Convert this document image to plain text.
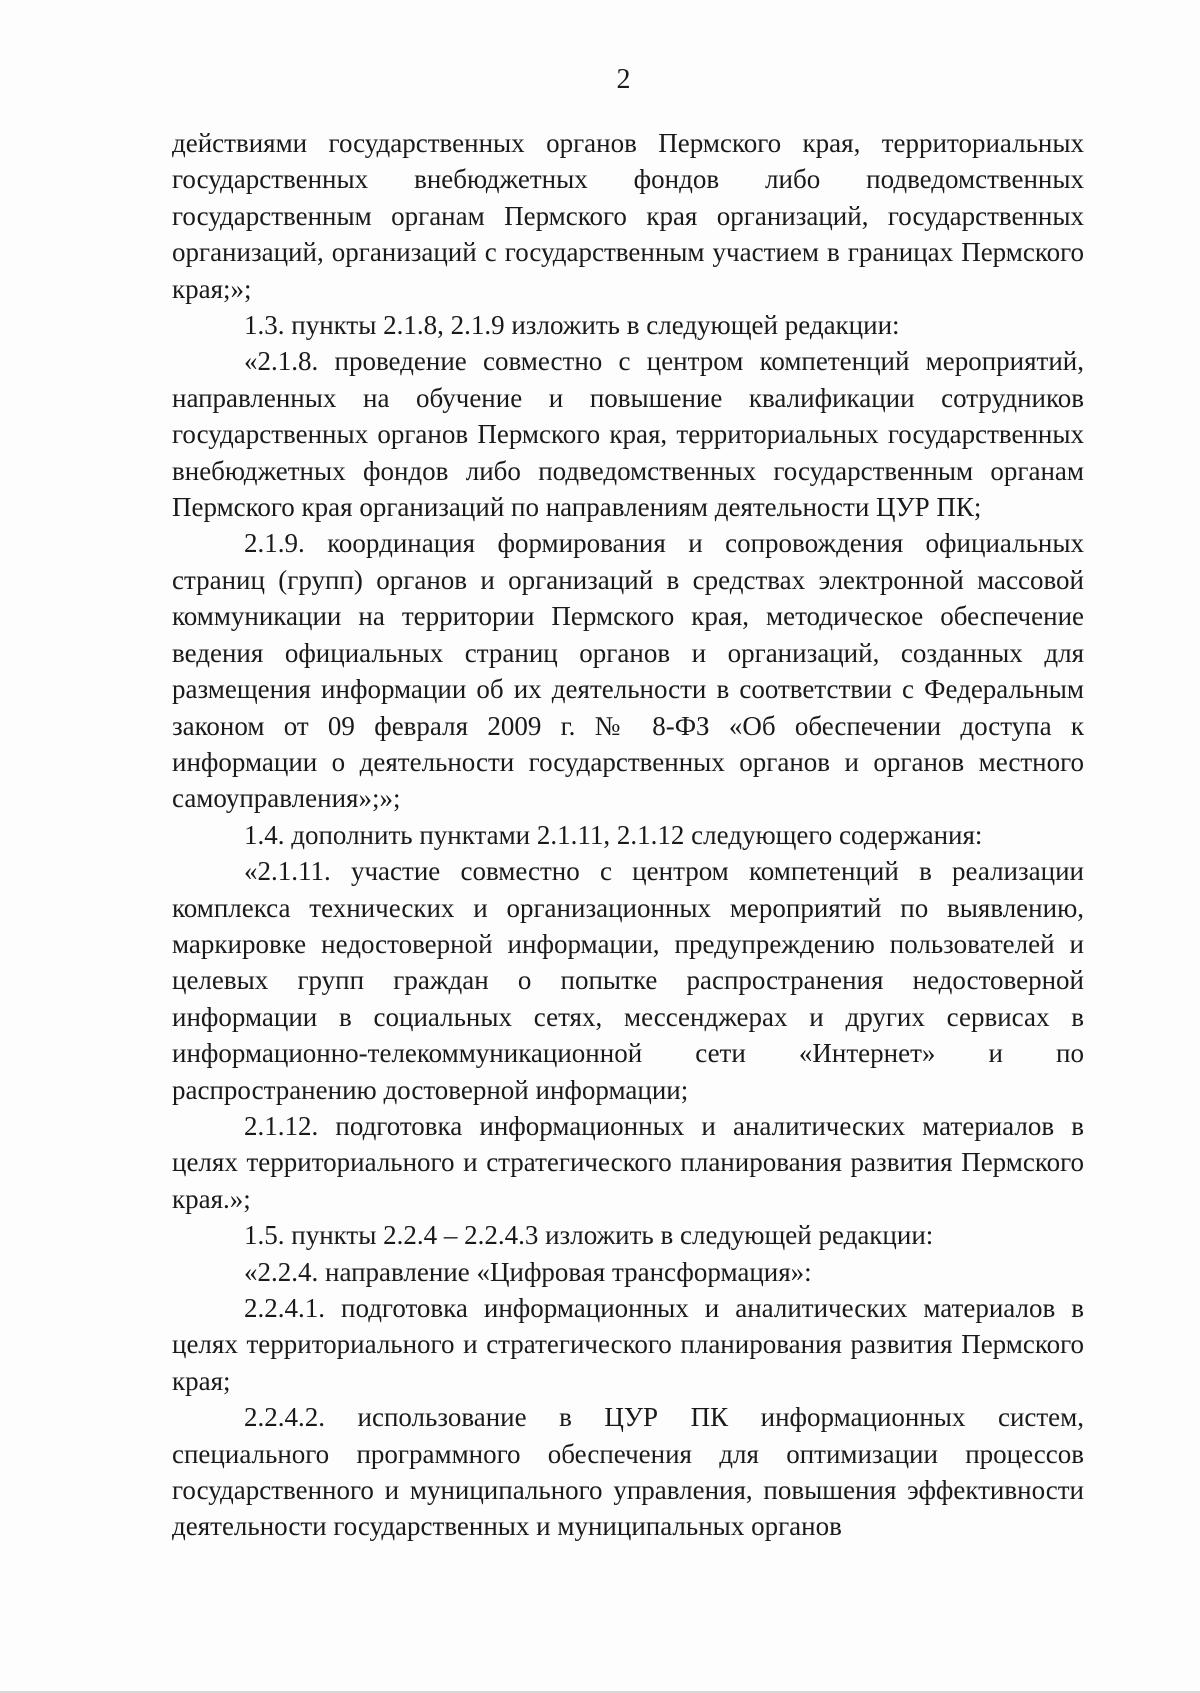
2

действиями государственных органов Пермского края, территориальных государственных внебюджетных фондов либо подведомственных государственным органам Пермского края организаций, государственных организаций, организаций с государственным участием в границах Пермского края;»;

1.3. пункты 2.1.8, 2.1.9 изложить в следующей редакции:

«2.1.8. проведение совместно с центром компетенций мероприятий, направленных на обучение и повышение квалификации сотрудников государственных органов Пермского края, территориальных государственных внебюджетных фондов либо подведомственных государственным органам Пермского края организаций по направлениям деятельности ЦУР ПК;

2.1.9. координация формирования и сопровождения официальных страниц (групп) органов и организаций в средствах электронной массовой коммуникации на территории Пермского края, методическое обеспечение ведения официальных страниц органов и организаций, созданных для размещения информации об их деятельности в соответствии с Федеральным законом от 09 февраля 2009 г. № 8-ФЗ «Об обеспечении доступа к информации о деятельности государственных органов и органов местного самоуправления»;»;

1.4. дополнить пунктами 2.1.11, 2.1.12 следующего содержания:

«2.1.11. участие совместно с центром компетенций в реализации комплекса технических и организационных мероприятий по выявлению, маркировке недостоверной информации, предупреждению пользователей и целевых групп граждан о попытке распространения недостоверной информации в социальных сетях, мессенджерах и других сервисах в информационно-телекоммуникационной сети «Интернет» и по распространению достоверной информации;

2.1.12. подготовка информационных и аналитических материалов в целях территориального и стратегического планирования развития Пермского края.»;

1.5. пункты 2.2.4 – 2.2.4.3 изложить в следующей редакции:

«2.2.4. направление «Цифровая трансформация»:

2.2.4.1. подготовка информационных и аналитических материалов в целях территориального и стратегического планирования развития Пермского края;

2.2.4.2. использование в ЦУР ПК информационных систем, специального программного обеспечения для оптимизации процессов государственного и муниципального управления, повышения эффективности деятельности государственных и муниципальных органов
